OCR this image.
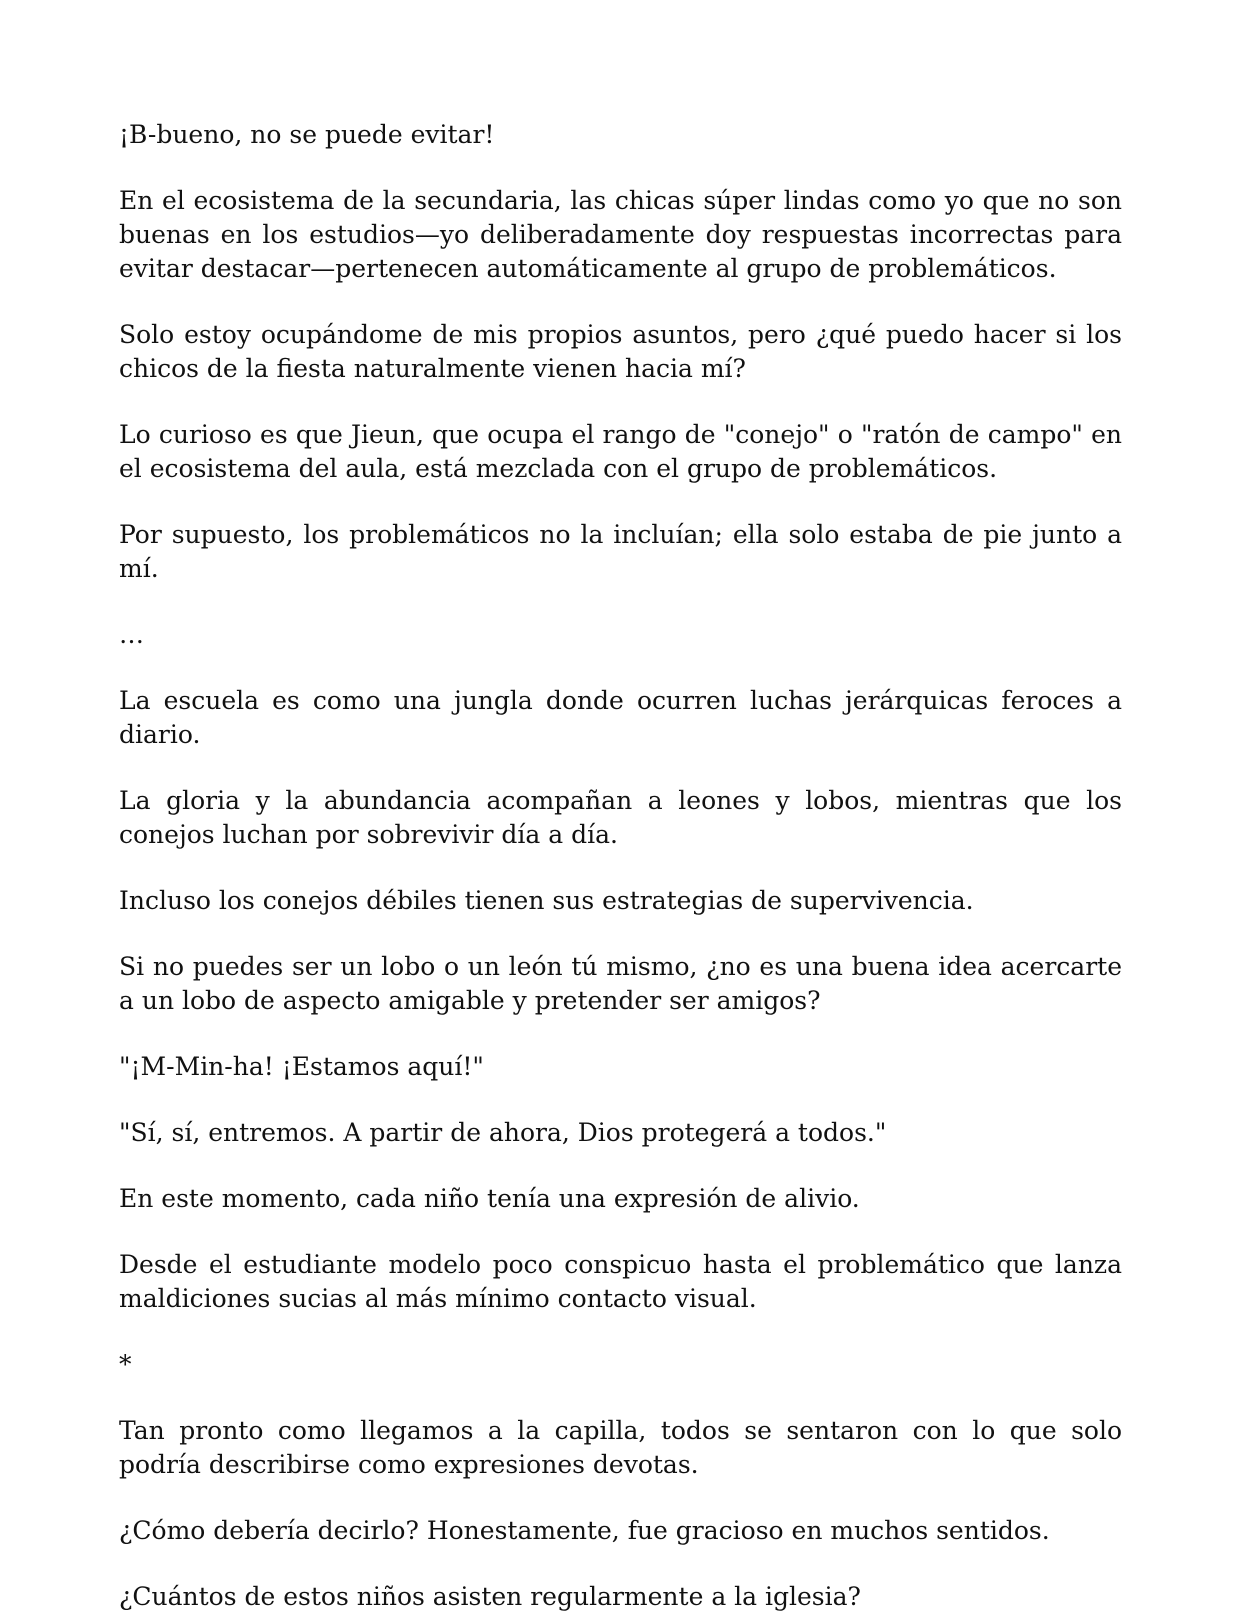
¡B-bueno, no se puede evitar!

En el ecosistema de la secundaria, las chicas súper lindas como yo que no son buenas en los estudios—yo deliberadamente doy respuestas incorrectas para evitar destacar—pertenecen automáticamente al grupo de problemáticos.

Solo estoy ocupándome de mis propios asuntos, pero ¿qué puedo hacer si los chicos de la fiesta naturalmente vienen hacia mí?

Lo curioso es que Jieun, que ocupa el rango de "conejo" o "ratón de campo" en el ecosistema del aula, está mezclada con el grupo de problemáticos.

Por supuesto, los problemáticos no la incluían; ella solo estaba de pie junto a mí.

…

La escuela es como una jungla donde ocurren luchas jerárquicas feroces a diario.

La gloria y la abundancia acompañan a leones y lobos, mientras que los conejos luchan por sobrevivir día a día.

Incluso los conejos débiles tienen sus estrategias de supervivencia.

Si no puedes ser un lobo o un león tú mismo, ¿no es una buena idea acercarte a un lobo de aspecto amigable y pretender ser amigos?

"¡M-Min-ha! ¡Estamos aquí!"

"Sí, sí, entremos. A partir de ahora, Dios protegerá a todos."

En este momento, cada niño tenía una expresión de alivio.

Desde el estudiante modelo poco conspicuo hasta el problemático que lanza maldiciones sucias al más mínimo contacto visual.

*

Tan pronto como llegamos a la capilla, todos se sentaron con lo que solo podría describirse como expresiones devotas.

¿Cómo debería decirlo? Honestamente, fue gracioso en muchos sentidos.

¿Cuántos de estos niños asisten regularmente a la iglesia?
